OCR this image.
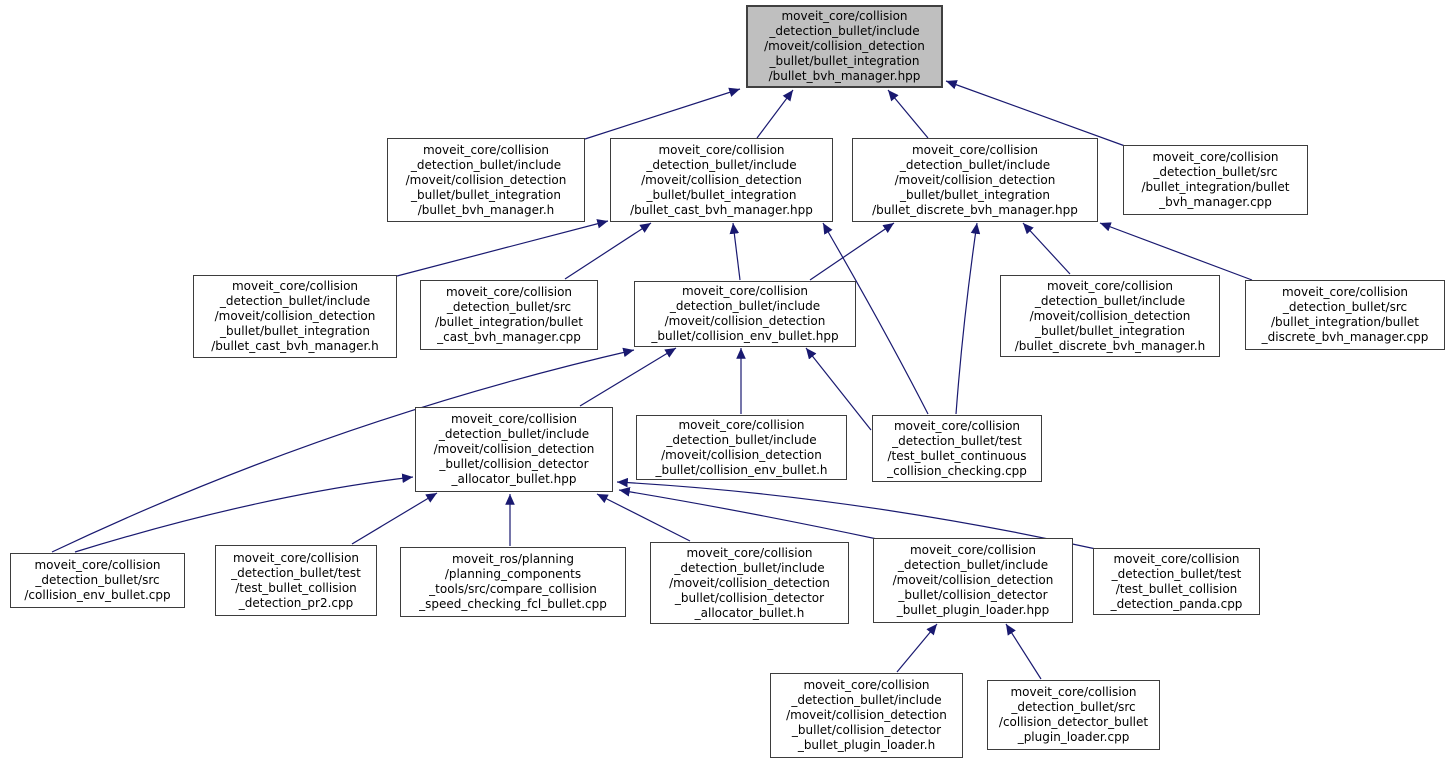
moveit_core/collision
_detection_bullet/include
/moveit/collision_detection
_bullet/bullet_integration
/bullet_bvh_manager.hpp
moveit_core/collision
_detection_bullet/include
/moveit/collision_detection
_bullet/bullet_integration
/bullet_bvh_manager.h
moveit_core/collision
_detection_bullet/include
/moveit/collision_detection
_bullet/bullet_integration
/bullet_cast_bvh_manager.hpp
moveit_core/collision
_detection_bullet/include
/moveit/collision_detection
_bullet/bullet_integration
/bullet_discrete_bvh_manager.hpp
moveit_core/collision
_detection_bullet/src
/bullet_integration/bullet
_bvh_manager.cpp
moveit_core/collision
_detection_bullet/include
/moveit/collision_detection
_bullet/bullet_integration
/bullet_cast_bvh_manager.h
moveit_core/collision
_detection_bullet/src
/bullet_integration/bullet
_cast_bvh_manager.cpp
moveit_core/collision
_detection_bullet/include
/moveit/collision_detection
_bullet/collision_env_bullet.hpp
moveit_core/collision
_detection_bullet/include
/moveit/collision_detection
_bullet/bullet_integration
/bullet_discrete_bvh_manager.h
moveit_core/collision
_detection_bullet/src
/bullet_integration/bullet
_discrete_bvh_manager.cpp
moveit_core/collision
_detection_bullet/include
/moveit/collision_detection
_bullet/collision_detector
_allocator_bullet.hpp
moveit_core/collision
_detection_bullet/include
/moveit/collision_detection
_bullet/collision_env_bullet.h
moveit_core/collision
_detection_bullet/test
/test_bullet_continuous
_collision_checking.cpp
moveit_core/collision
_detection_bullet/src
/collision_env_bullet.cpp
moveit_core/collision
_detection_bullet/test
/test_bullet_collision
_detection_pr2.cpp
moveit_ros/planning
/planning_components
_tools/src/compare_collision
_speed_checking_fcl_bullet.cpp
moveit_core/collision
_detection_bullet/include
/moveit/collision_detection
_bullet/collision_detector
_allocator_bullet.h
moveit_core/collision
_detection_bullet/include
/moveit/collision_detection
_bullet/collision_detector
_bullet_plugin_loader.hpp
moveit_core/collision
_detection_bullet/test
/test_bullet_collision
_detection_panda.cpp
moveit_core/collision
_detection_bullet/include
/moveit/collision_detection
_bullet/collision_detector
_bullet_plugin_loader.h
moveit_core/collision
_detection_bullet/src
/collision_detector_bullet
_plugin_loader.cpp
